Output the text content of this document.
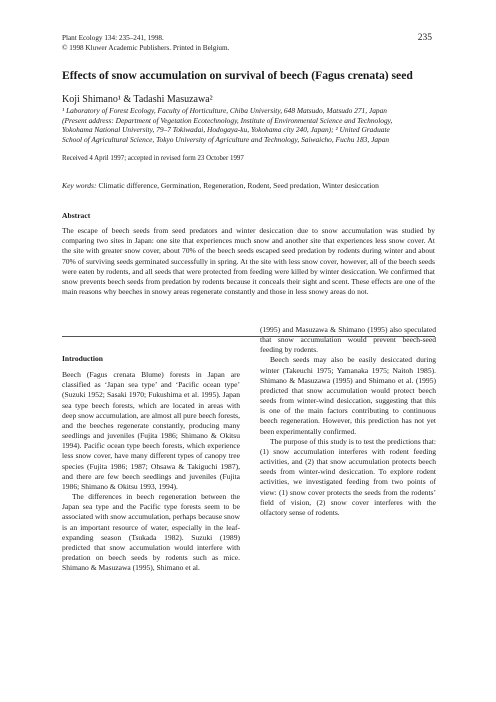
Plant Ecology 134: 235–241, 1998.
© 1998 Kluwer Academic Publishers. Printed in Belgium.
235
Effects of snow accumulation on survival of beech (Fagus crenata) seed
Koji Shimano¹ & Tadashi Masuzawa²
¹ Laboratory of Forest Ecology, Faculty of Horticulture, Chiba University, 648 Matsudo, Matsudo 271, Japan
(Present address: Department of Vegetation Ecotechnology, Institute of Environmental Science and Technology,
Yokohama National University, 79–7 Tokiwadai, Hodogaya-ku, Yokohama city 240, Japan); ² United Graduate
School of Agricultural Science, Tokyo University of Agriculture and Technology, Saiwaicho, Fuchu 183, Japan
Received 4 April 1997; accepted in revised form 23 October 1997
Key words: Climatic difference, Germination, Regeneration, Rodent, Seed predation, Winter desiccation
Abstract
The escape of beech seeds from seed predators and winter desiccation due to snow accumulation was studied by comparing two sites in Japan: one site that experiences much snow and another site that experiences less snow cover. At the site with greater snow cover, about 70% of the beech seeds escaped seed predation by rodents during winter and about 70% of surviving seeds germinated successfully in spring. At the site with less snow cover, however, all of the beech seeds were eaten by rodents, and all seeds that were protected from feeding were killed by winter desiccation. We confirmed that snow prevents beech seeds from predation by rodents because it conceals their sight and scent. These effects are one of the main reasons why beeches in snowy areas regenerate constantly and those in less snowy areas do not.
Introduction

Beech (Fagus crenata Blume) forests in Japan are classified as ‘Japan sea type’ and ‘Pacific ocean type’ (Suzuki 1952; Sasaki 1970; Fukushima et al. 1995). Japan sea type beech forests, which are located in areas with deep snow accumulation, are almost all pure beech forests, and the beeches regenerate constantly, producing many seedlings and juveniles (Fujita 1986; Shimano & Okitsu 1994). Pacific ocean type beech forests, which experience less snow cover, have many different types of canopy tree species (Fujita 1986; 1987; Ohsawa & Takiguchi 1987), and there are few beech seedlings and juveniles (Fujita 1986; Shimano & Okitsu 1993, 1994).

The differences in beech regeneration between the Japan sea type and the Pacific type forests seem to be associated with snow accumulation, perhaps because snow is an important resource of water, especially in the leaf-expanding season (Tsukada 1982). Suzuki (1989) predicted that snow accumulation would interfere with predation on beech seeds by rodents such as mice. Shimano & Masuzawa (1995), Shimano et al.

(1995) and Masuzawa & Shimano (1995) also speculated that snow accumulation would prevent beech-seed feeding by rodents.

Beech seeds may also be easily desiccated during winter (Takeuchi 1975; Yamanaka 1975; Naitoh 1985). Shimano & Masuzawa (1995) and Shimano et al. (1995) predicted that snow accumulation would protect beech seeds from winter-wind desiccation, suggesting that this is one of the main factors contributing to continuous beech regeneration. However, this prediction has not yet been experimentally confirmed.

The purpose of this study is to test the predictions that: (1) snow accumulation interferes with rodent feeding activities, and (2) that snow accumulation protects beech seeds from winter-wind desiccation. To explore rodent activities, we investigated feeding from two points of view: (1) snow cover protects the seeds from the rodents’ field of vision, (2) snow cover interferes with the olfactory sense of rodents.
